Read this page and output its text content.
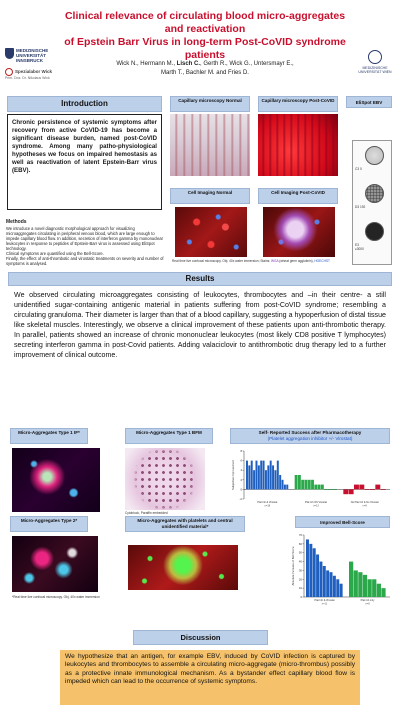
Clinical relevance of circulating blood micro-aggregates and reactivation
of Epstein Barr Virus in long-term Post-CoVID syndrome patients
Wick N., Hermann M., Lisch C., Gerth R., Wick G., Untersmayr E.,
Marth T., Bachler M. and Fries D.
MEDIZINISCHE UNIVERSITÄT INNSBRUCK
Spezialabor Wick
Prim. Doz. Dr. Nikolaus Wick
MEDIZINISCHE UNIVERSITÄT WIEN
Introduction
Chronic persistence of systemic symptoms after recovery from active CoVID-19 has become a significant disease burden, named post-CoVID syndrome. Among many patho-physiological hypotheses we focus on impaired hemostasis as well as reactivation of latent Epstein-Barr virus (EBV).
Methods
We introduce a novel diagnostic morphological approach for visualizing microaggregates circulating in peripheral venous blood, which are large enough to impede capillary blood flow. In addition, secretion of interferon gamma by mononuclear leukocytes in response to peptides of Epstein-Barr virus is assessed using EliSpot technology.
Clinical symptoms are quantified using the Bell-Score.
Finally, the effect of anti-thrombotic and virostatic treatments on severity and number of symptoms is analysed.
Capillary microscopy Normal	Capillary microscopy Post-CoVID	EliSpot EBV
Cell Imaging Normal	Cell Imaging Post-CoVID
Real time live confocal microscopy. Obj. 40x water immersion; Stains: WGA (wheat germ agglutinin), HOECHST
C3 0
D3 192
E3 ≥3000
Results
We observed circulating microaggregates consisting of leukocytes, thrombocytes and –in their centre- a still unidentified sugar-containing antigenic material in patients suffering from post-CoVID syndrome; resembling a circulating granuloma. Their diameter is larger than that of a blood capillary, suggesting a hypoperfusion of distal tissue like skeletal muscles. Interestingly, we observe a clinical improvement of these patients upon anti-thrombotic therapy. In parallel, patients showed an increase of chronic mononuclear leukocytes (most likely CD8 positive T lymphocytes) secreting interferon gamma in post-Covid patients. Adding valaciclovir to antithrombotic drug therapy led to a further improvement of clinical outcome.
Micro-Aggregates Type 1 IF*	Micro-Aggregates Type 1 BFM	Self- Reported Success after Pharmacotherapy
(Platelet aggregation inhibitor +/- Virostat)
Cytoblock, Paraffin embedded
8
6
4
2
0
-2
Subjective Improvement
Plat Inh & Virostat
n=18
Plat Inh OS Virostat
n=13
No Plat Inh & No Virostat
n=8
Micro-Aggregates Type 2*	Micro-Aggregates with platelets and central unidentified material*
Improved Bell-Score
*Real time live confocal microscopy. Obj. 40x water immersion
70
60
50
40
30
20
10
0
Absolute Increase of Bell Score
Plat Inh & Virostat
n=11
Plat Inh only
n=8
Discussion
We hypothesize that an antigen, for example EBV, induced by CoVID infection is captured by leukocytes and thrombocytes to assemble a circulating micro-aggregate (micro-thrombus) possibly as a protective innate immunological mechanism. As a bystander effect capillary blood flow is impeded which can lead to the occurrence of systemic symptoms.
